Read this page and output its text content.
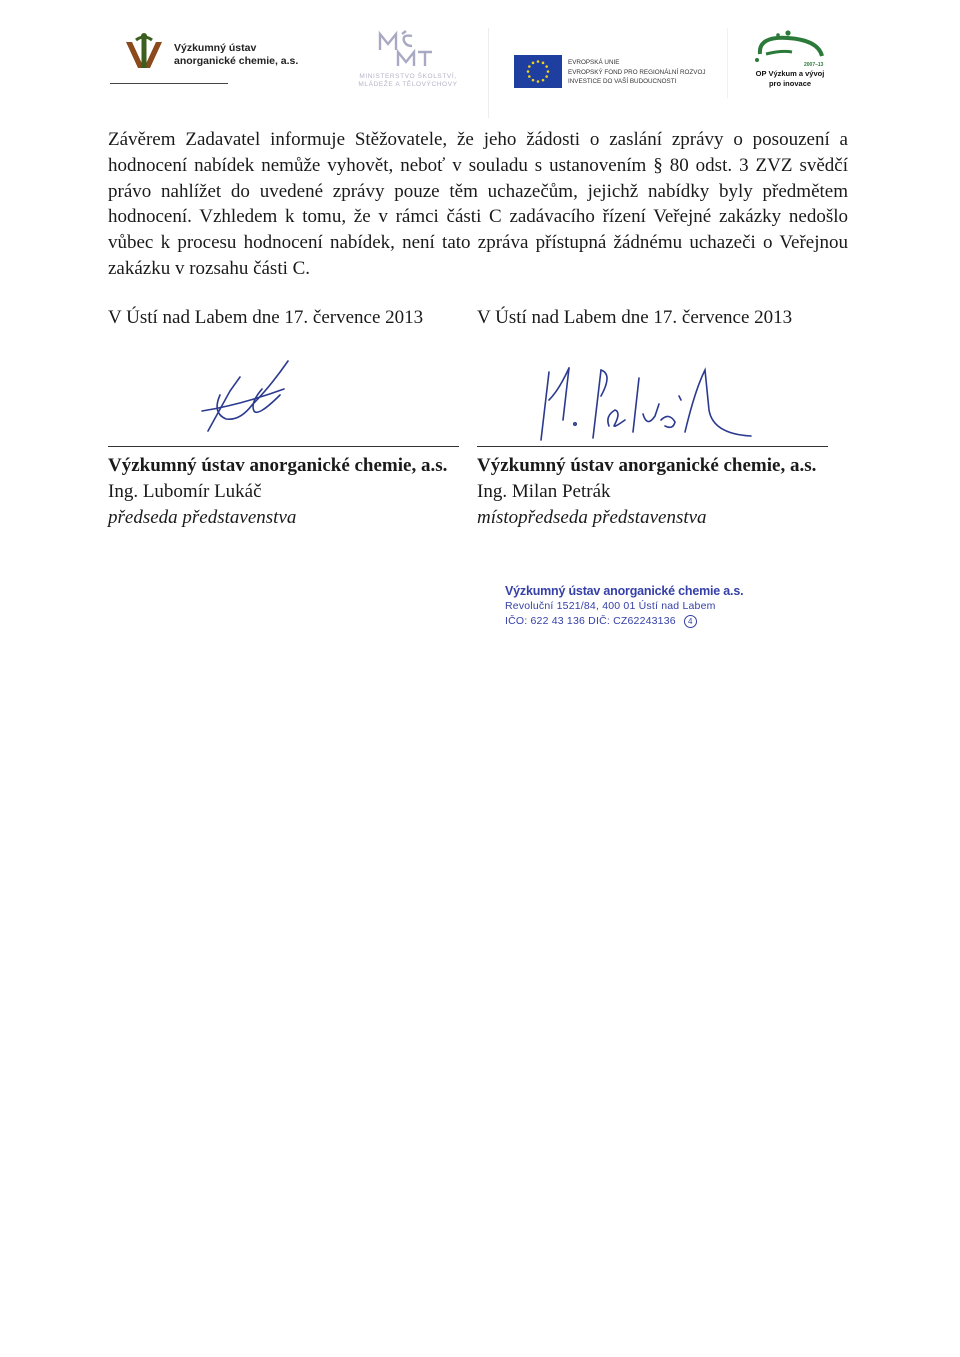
Výzkumný ústav
anorganické chemie, a.s.
MINISTERSTVO ŠKOLSTVÍ,
MLÁDEŽE A TĚLOVÝCHOVY
EVROPSKÁ UNIE
EVROPSKÝ FOND PRO REGIONÁLNÍ ROZVOJ
INVESTICE DO VAŠÍ BUDOUCNOSTI
2007–13
OP Výzkum a vývoj
pro inovace
Závěrem Zadavatel informuje Stěžovatele, že jeho žádosti o zaslání zprávy o posouzení a
hodnocení nabídek nemůže vyhovět, neboť v souladu s ustanovením § 80 odst. 3 ZVZ svědčí
právo nahlížet do uvedené zprávy pouze těm uchazečům, jejichž nabídky byly předmětem
hodnocení. Vzhledem k tomu, že v rámci části C zadávacího řízení Veřejné zakázky nedošlo
vůbec k procesu hodnocení nabídek, není tato zpráva přístupná žádnému uchazeči o Veřejnou
zakázku v rozsahu části C.
V Ústí nad Labem dne 17. července 2013	V Ústí nad Labem dne 17. července 2013
Výzkumný ústav anorganické chemie, a.s.
Ing. Lubomír Lukáč
předseda představenstva
Výzkumný ústav anorganické chemie, a.s.
Ing. Milan Petrák
místopředseda představenstva
Výzkumný ústav anorganické chemie a.s.
Revoluční 1521/84, 400 01 Ústí nad Labem
IČO: 622 43 136 DIČ: CZ62243136 4
